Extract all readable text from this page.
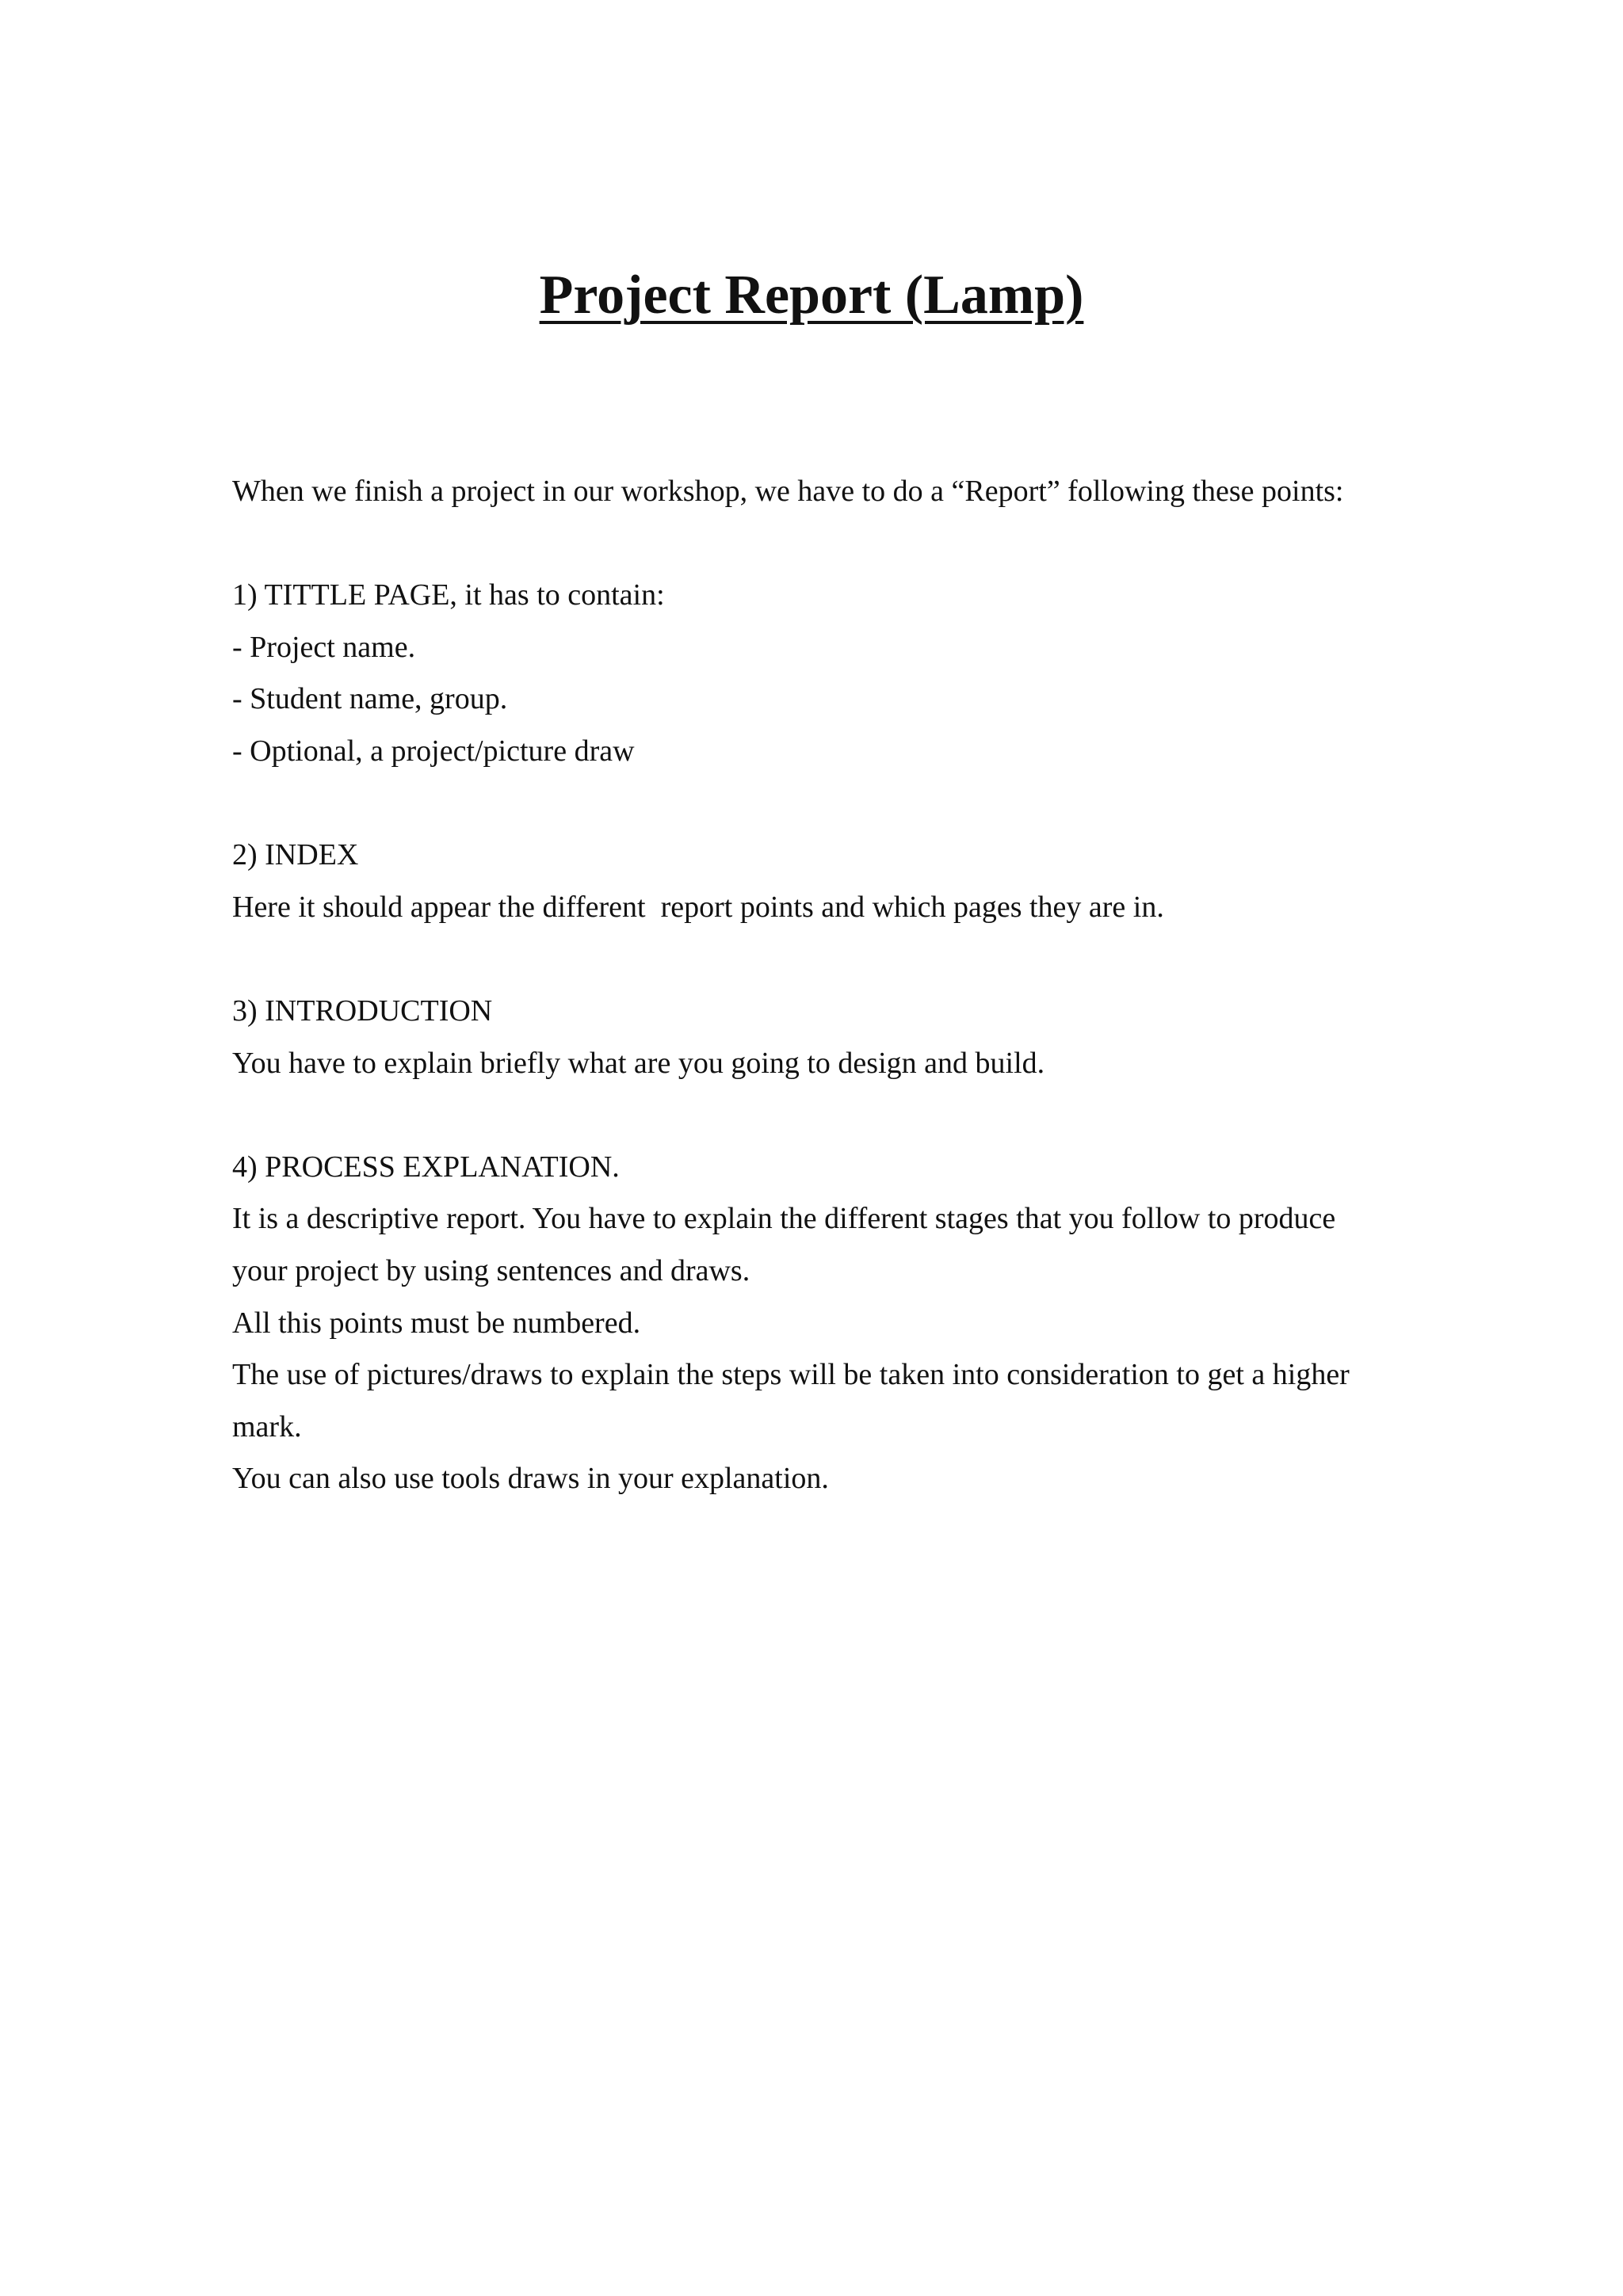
Project Report (Lamp)

When we finish a project in our workshop, we have to do a “Report” following these points:

1) TITTLE PAGE, it has to contain:

- Project name.

- Student name, group.

- Optional, a project/picture draw

2) INDEX

Here it should appear the different  report points and which pages they are in.

3) INTRODUCTION

You have to explain briefly what are you going to design and build.

4) PROCESS EXPLANATION.

It is a descriptive report. You have to explain the different stages that you follow to produce

your project by using sentences and draws.

All this points must be numbered.

The use of pictures/draws to explain the steps will be taken into consideration to get a higher

mark.

You can also use tools draws in your explanation.
